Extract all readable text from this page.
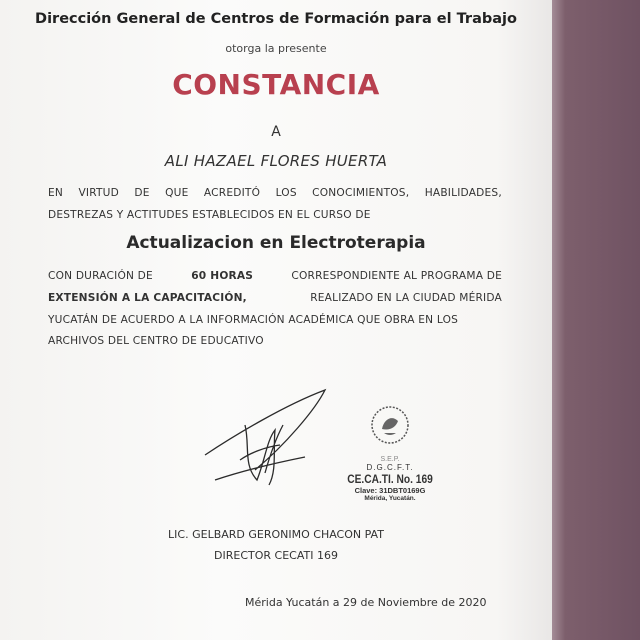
Dirección General de Centros de Formación para el Trabajo
otorga la presente
CONSTANCIA
A
ALI HAZAEL FLORES HUERTA
EN VIRTUD DE QUE ACREDITÓ LOS CONOCIMIENTOS, HABILIDADES,
DESTREZAS Y ACTITUDES ESTABLECIDOS EN EL CURSO DE
Actualizacion en Electroterapia
CON DURACIÓN DE	60 HORAS	CORRESPONDIENTE AL PROGRAMA DE
EXTENSIÓN A LA CAPACITACIÓN,	REALIZADO EN LA CIUDAD MÉRIDA
YUCATÁN DE ACUERDO A LA INFORMACIÓN ACADÉMICA QUE OBRA EN LOS
ARCHIVOS DEL CENTRO DE EDUCATIVO
S.E.P.
D.G.C.F.T.
CE.CA.TI. No. 169
Clave: 31DBT0169G
Mérida, Yucatán.
LIC. GELBARD GERONIMO CHACON PAT
DIRECTOR CECATI 169
Mérida Yucatán a 29 de Noviembre de 2020
